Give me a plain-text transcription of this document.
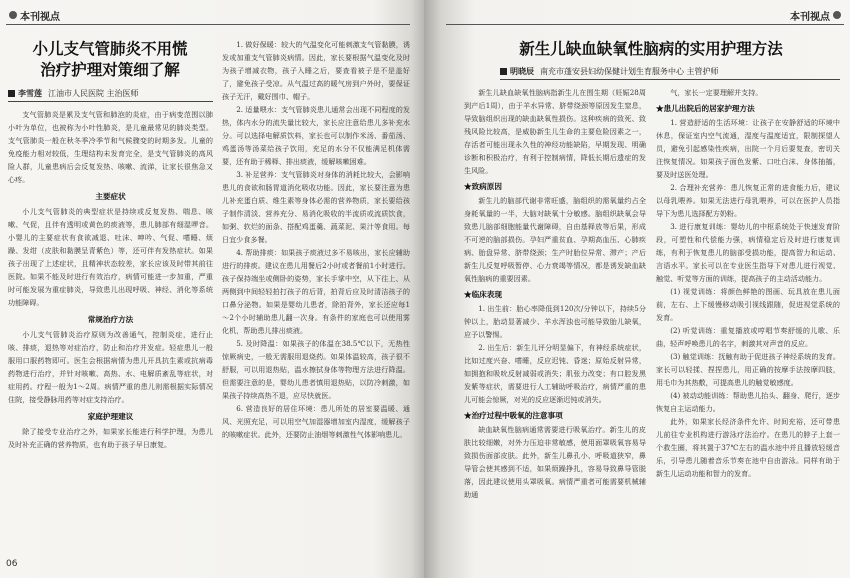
本刊视点
小儿支气管肺炎不用慌
治疗护理对策细了解
李雪莲 江油市人民医院 主治医师

支气管肺炎是累及支气管和肺泡的炎症，由于病变范围以肺小叶为单位，也被称为小叶性肺炎，是儿童最常见的肺炎类型。支气管肺炎一般在秋冬季冷季节和气候骤变的时期多发。儿童的免疫能力相对较低，生理结构未发育完全，是支气管肺炎的高风险人群，儿童患病后会反复发热、咳嗽、流涕，让家长很焦急又心疼。

主要症状

小儿支气管肺炎的典型症状是持续或反复发热、喘息、咳嗽、气促，且伴有透明或黄色的痰液等，患儿肺部有细湿啰音。小婴儿的主要症状有食欲减退、吐沫、呻吟、气促、嗜睡、烦躁、发绀（皮肤和黏膜呈青紫色）等，还可伴有发热症状。如果孩子出现了上述症状，且精神状态较差，家长应该及时带其前往医院。如果不能及时进行有效治疗，病情可能进一步加重，严重时可能发展为重症肺炎，导致患儿出现呼吸、神经、消化等系统功能障碍。

常规治疗方法

小儿支气管肺炎治疗原则为改善通气，控制炎症，进行止咳、排痰，退热等对症治疗，防止和治疗并发症。轻症患儿一般服用口服药物即可。医生会根据病情为患儿开具抗生素或抗病毒药物进行治疗，并针对咳嗽、高热、水、电解质紊乱等症状，对症用药。疗程一般为1～2周。病情严重的患儿则需根据实际情况住院，接受静脉用药等对症支持治疗。

家庭护理建议

除了接受专业治疗之外，如果家长能进行科学护理，为患儿及时补充正确的营养物质，也有助于孩子早日康复。

1. 做好保暖：较大的气温变化可能刺激支气管黏膜，诱发或加重支气管肺炎病情。因此，家长要根据气温变化及时为孩子增减衣物，孩子入睡之后，要查看被子是不是盖好了，避免孩子受凉。从气温过高的暖气房到户外时，要保证孩子无汗，戴好围巾、帽子。

2. 适量喂水：支气管肺炎患儿通常会出现不同程度的发热，体内水分的流失量比较大，家长应注意给患儿多补充水分。可以选择电解质饮料，家长也可以制作米汤、番茄汤、鸡蛋汤等汤菜给孩子饮用，充足的水分不仅能满足机体需要，还有助于稀释、排出痰液，缓解咳嗽困难。

3. 补足营养：支气管肺炎对身体的消耗比较大，会影响患儿的食欲和肠胃道消化吸收功能。因此，家长要注意为患儿补充蛋白质、维生素等身体必需的营养物质，家长要给孩子制作清淡、营养充分、易消化吸收的半流质或流质饮食，如粥、软烂的面条、搭配鸡蛋羹、蔬菜泥、果汁等食用。每日宜少食多餐。

4. 帮助排痰：如果孩子痰液过多不易咳出，家长应辅助进行的排痰。建议在患儿用餐后2小时或者餐前1小时进行。孩子保持端坐或侧卧的姿势，家长手掌中空，从下往上、从两侧到中间轻轻拍打孩子的后背，拍背后应及时清洁孩子的口鼻分泌物。如果是婴幼儿患者，除拍背外，家长还应每1～2个小时辅助患儿翻一次身。有条件的家庭也可以使用雾化机，帮助患儿排出痰液。

5. 及时降温：如果孩子的体温在38.5℃以下，无热性惊厥病史，一般无需服用退烧药。如果体温较高，孩子很不舒服，可以用退热贴，温水擦拭身体等物理方法进行降温。但需要注意的是，婴幼儿患者慎用退热贴，以防冷刺激，如果孩子持续高热不退，应尽快就医。

6. 营造良好的居住环境：患儿所处的居室要温暖、通风、光照充足，可以用空气加湿器增加室内湿度，缓解孩子的咳嗽症状。此外，还要防止油烟等刺激性气体影响患儿。

06
本刊视点
新生儿缺血缺氧性脑病的实用护理方法
明晓辰 南充市蓬安县妇幼保健计划生育服务中心 主管护师

新生儿缺血缺氧性脑病指新生儿在围生期（妊娠28周到产后1周），由于羊水异常、脐带绕颈等原因发生窒息，导致脑组织出现的缺血缺氧性损伤。这种疾病的致死、致残风险比较高，是威胁新生儿生命的主要危险因素之一，存活者可能出现永久性的神经功能缺陷，早期发现、明确诊断和积极治疗，有利于控制病情，降低长期后遗症的发生风险。

★致病原因

新生儿的脑部代谢非常旺盛，脑组织的需氧量约占全身耗氧量的一半，大脑对缺氧十分敏感。脑组织缺氧会导致患儿脑部细胞能量代谢障碍，自由基释放等后果，形成不可逆的脑部损伤。孕妇严重贫血、孕期高血压、心肺疾病、胎盘异常、脐带绕颈；生产时胎位异常、滞产；产后新生儿反复呼吸暂停、心力衰竭等情况，都是诱发缺血缺氧性脑病的重要因素。

★临床表现

1. 出生前：胎心率降低到120次/分钟以下，持续5分钟以上，胎动显著减少、羊水浑浊也可能导致胎儿缺氧，应予以警惕。

2. 出生后：新生儿评分明显偏下，有神经系统症状，比如过度兴奋、嗜睡，反应迟钝、昏迷；原始反射异常，如拥抱和吸吮反射减弱或消失；肌张力改变；有口腔发黑发紫等症状，需要进行人工辅助呼吸治疗，病情严重的患儿可能会惊厥，对光的反应逐渐迟钝或消失。

★治疗过程中吸氧的注意事项

缺血缺氧性脑病通常需要进行吸氧治疗。新生儿的皮肤比较细嫩，对外力压迫非常敏感，使用面罩吸氧容易导致损伤面部皮肤。此外，新生儿鼻孔小、呼吸道狭窄，鼻导管会使其感到不适，如果烦躁挣扎，容易导致鼻导管脱落，因此建议使用头罩吸氧。病情严重者可能需要机械辅助通

气，家长一定要理解并支持。

★患儿出院后的居家护理方法

1. 营造舒适的生活环境：让孩子在安静舒适的环境中休息，保证室内空气流通，湿度与温度适宜，限制探望人员，避免引起感染性疾病，出院一个月后要复查，密切关注恢复情况。如果孩子面色发紫、口吐白沫、身体抽搐，要及时送医处理。

2. 合理补充营养：患儿恢复正常的进食能力后，建议以母乳喂养。如果无法进行母乳喂养，可以在医护人员指导下为患儿选择配方奶粉。

3. 进行康复训练：婴幼儿的中枢系统处于快速发育阶段，可塑性和代偿能力强，病情稳定后及时进行康复训练，有利于恢复患儿的脑部受损功能，提高智力和运动、言语水平。家长可以在专业医生指导下对患儿进行视觉、触觉、听觉等方面的训练，提高孩子的主动活动能力。

(1) 视觉训练：将颜色鲜艳的图画、玩具放在患儿面前，左右、上下缓慢移动吸引视线跟随，促进视觉系统的发育。

(2) 听觉训练：重复播放或哼唱节奏舒缓的儿歌、乐曲，轻声呼唤患儿的名字，刺激其对声音的反应。

(3) 触觉训练：抚触有助于促进孩子神经系统的发育。家长可以轻揉、捏捏患儿，用正确的按摩手法按摩四肢，用毛巾为其热敷，可提高患儿的触觉敏感度。

(4) 被动动能训练：帮助患儿抬头、翻身、爬行，逐步恢复自主运动能力。

此外，如果家长经济条件允许、时间充裕，还可带患儿前往专业机构进行游泳疗法治疗。在患儿的脖子上套一个救生圈，将其置于37℃左右的温水池中并且播放轻缓音乐，引导患儿随着音乐节奏在池中自由游泳。同样有助于新生儿运动功能和智力的发育。
